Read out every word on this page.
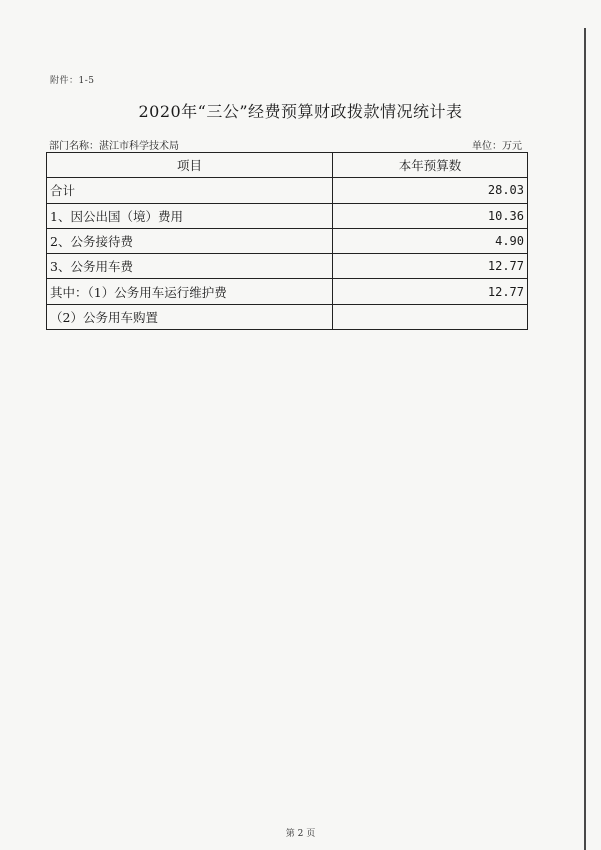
附件：1-5
2020年“三公”经费预算财政拨款情况统计表
部门名称：湛江市科学技术局	单位：万元
项目	本年预算数
合计	28.03
1、因公出国（境）费用	10.36
2、公务接待费	4.90
3、公务用车费	12.77
其中：（1）公务用车运行维护费	12.77
（2）公务用车购置	
第 2 页
